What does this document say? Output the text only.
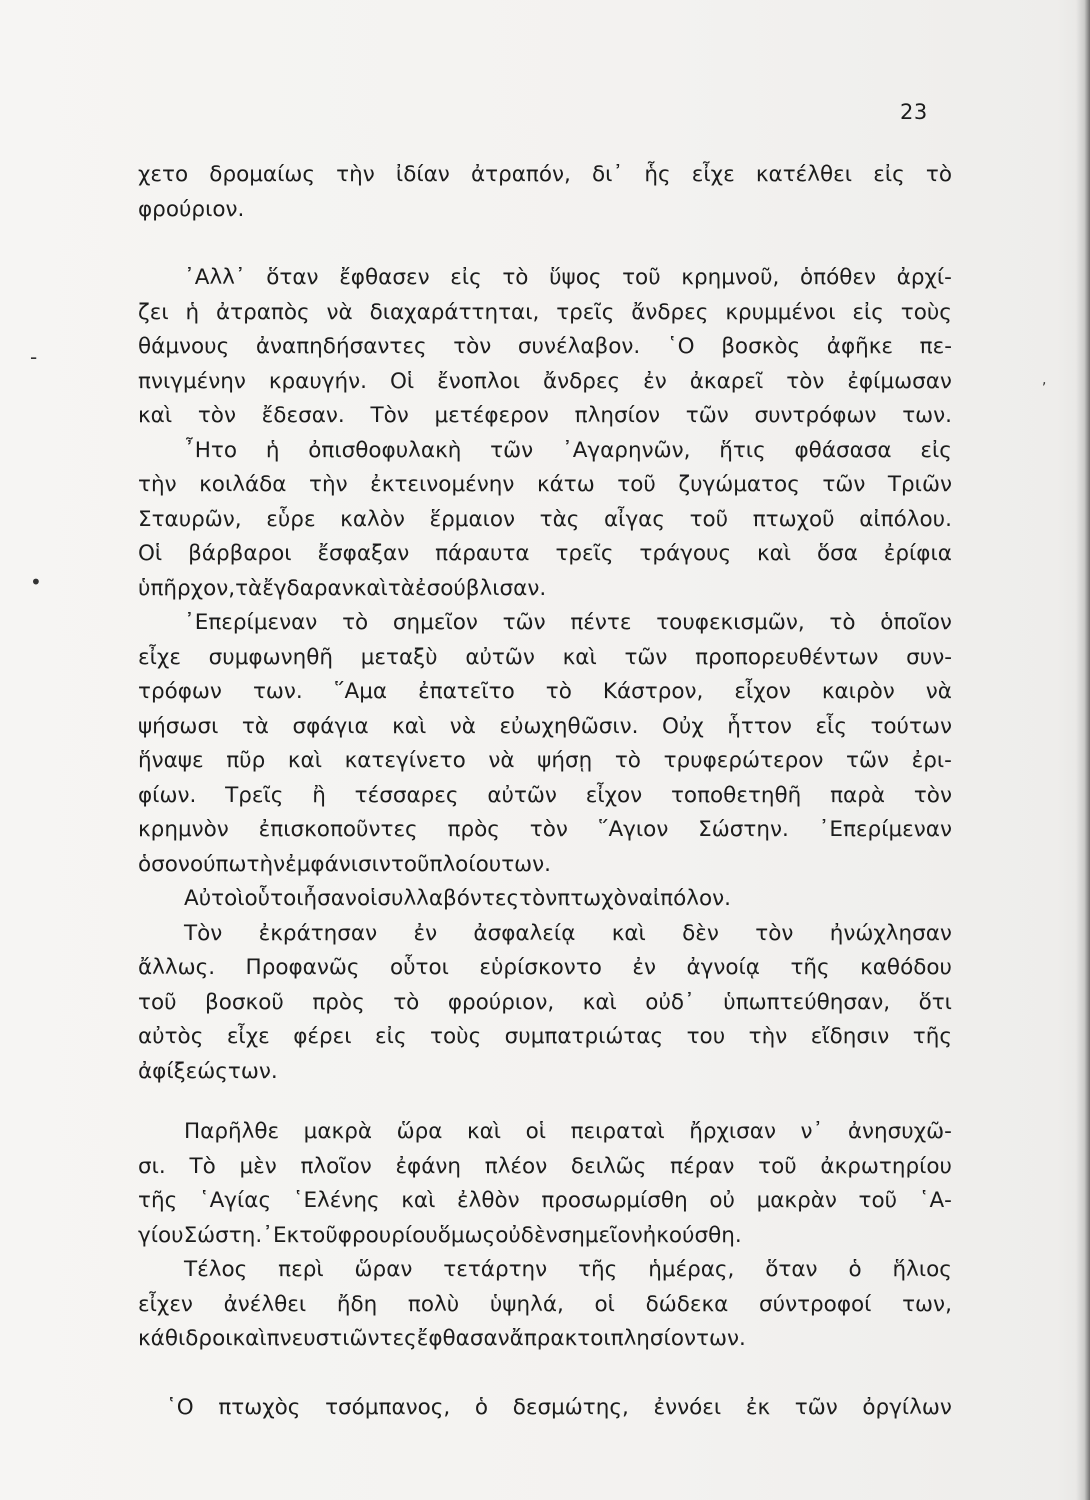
23
-
•
,
χετο δρομαίως τὴν ἰδίαν ἀτραπόν, δι᾽ ἧς εἶχε κατέλθει εἰς τὸ
φρούριον.
᾽Αλλ᾽ ὅταν ἔφθασεν εἰς τὸ ὕψος τοῦ κρημνοῦ, ὁπόθεν ἀρχί-
ζει ἡ ἀτραπὸς νὰ διαχαράττηται, τρεῖς ἄνδρες κρυμμένοι εἰς τοὺς
θάμνους ἀναπηδήσαντες τὸν συνέλαβον. ῾Ο βοσκὸς ἀφῆκε πε-
πνιγμένην κραυγήν. Οἱ ἔνοπλοι ἄνδρες ἐν ἀκαρεῖ τὸν ἐφίμωσαν
καὶ τὸν ἔδεσαν. Τὸν μετέφερον πλησίον τῶν συντρόφων των.
῏Ητο ἡ ὀπισθοφυλακὴ τῶν ᾽Αγαρηνῶν, ἥτις φθάσασα εἰς
τὴν κοιλάδα τὴν ἐκτεινομένην κάτω τοῦ ζυγώματος τῶν Τριῶν
Σταυρῶν, εὗρε καλὸν ἕρμαιον τὰς αἶγας τοῦ πτωχοῦ αἰπόλου.
Οἱ βάρβαροι ἔσφαξαν πάραυτα τρεῖς τράγους καὶ ὅσα ἐρίφια
ὑπῆρχον, τὰ ἔγδαραν καὶ τὰ ἐσούβλισαν.
᾽Επερίμεναν τὸ σημεῖον τῶν πέντε τουφεκισμῶν, τὸ ὁποῖον
εἶχε συμφωνηθῆ μεταξὺ αὐτῶν καὶ τῶν προπορευθέντων συν-
τρόφων των. ῞Αμα ἐπατεῖτο τὸ Κάστρον, εἶχον καιρὸν νὰ
ψήσωσι τὰ σφάγια καὶ νὰ εὐωχηθῶσιν. Οὐχ ἧττον εἷς τούτων
ἥναψε πῦρ καὶ κατεγίνετο νὰ ψήσῃ τὸ τρυφερώτερον τῶν ἐρι-
φίων. Τρεῖς ἢ τέσσαρες αὐτῶν εἶχον τοποθετηθῆ παρὰ τὸν
κρημνὸν ἐπισκοποῦντες πρὸς τὸν ῞Αγιον Σώστην. ᾽Επερίμεναν
ὁσονούπω τὴν ἐμφάνισιν τοῦ πλοίου των.
Αὐτοὶ οὗτοι ἦσαν οἱ συλλαβόντες τὸν πτωχὸν αἰπόλον.
Τὸν ἐκράτησαν ἐν ἀσφαλείᾳ καὶ δὲν τὸν ἠνώχλησαν
ἄλλως. Προφανῶς οὗτοι εὑρίσκοντο ἐν ἀγνοίᾳ τῆς καθόδου
τοῦ βοσκοῦ πρὸς τὸ φρούριον, καὶ οὐδ᾽ ὑπωπτεύθησαν, ὅτι
αὐτὸς εἶχε φέρει εἰς τοὺς συμπατριώτας του τὴν εἴδησιν τῆς
ἀφίξεώς των.
Παρῆλθε μακρὰ ὥρα καὶ οἱ πειραταὶ ἤρχισαν ν᾽ ἀνησυχῶ-
σι. Τὸ μὲν πλοῖον ἐφάνη πλέον δειλῶς πέραν τοῦ ἀκρωτηρίου
τῆς ῾Αγίας ῾Ελένης καὶ ἐλθὸν προσωρμίσθη οὐ μακρὰν τοῦ ῾Α-
γίου Σώστη. ᾽Εκ τοῦ φρουρίου ὅμως οὐδὲν σημεῖον ἠκούσθη.
Τέλος περὶ ὥραν τετάρτην τῆς ἡμέρας, ὅταν ὁ ἥλιος
εἶχεν ἀνέλθει ἤδη πολὺ ὑψηλά, οἱ δώδεκα σύντροφοί των,
κάθιδροι καὶ πνευστιῶντες ἔφθασαν ἄπρακτοι πλησίον των.
῾Ο πτωχὸς τσόμπανος, ὁ δεσμώτης, ἐννόει ἐκ τῶν ὀργίλων
